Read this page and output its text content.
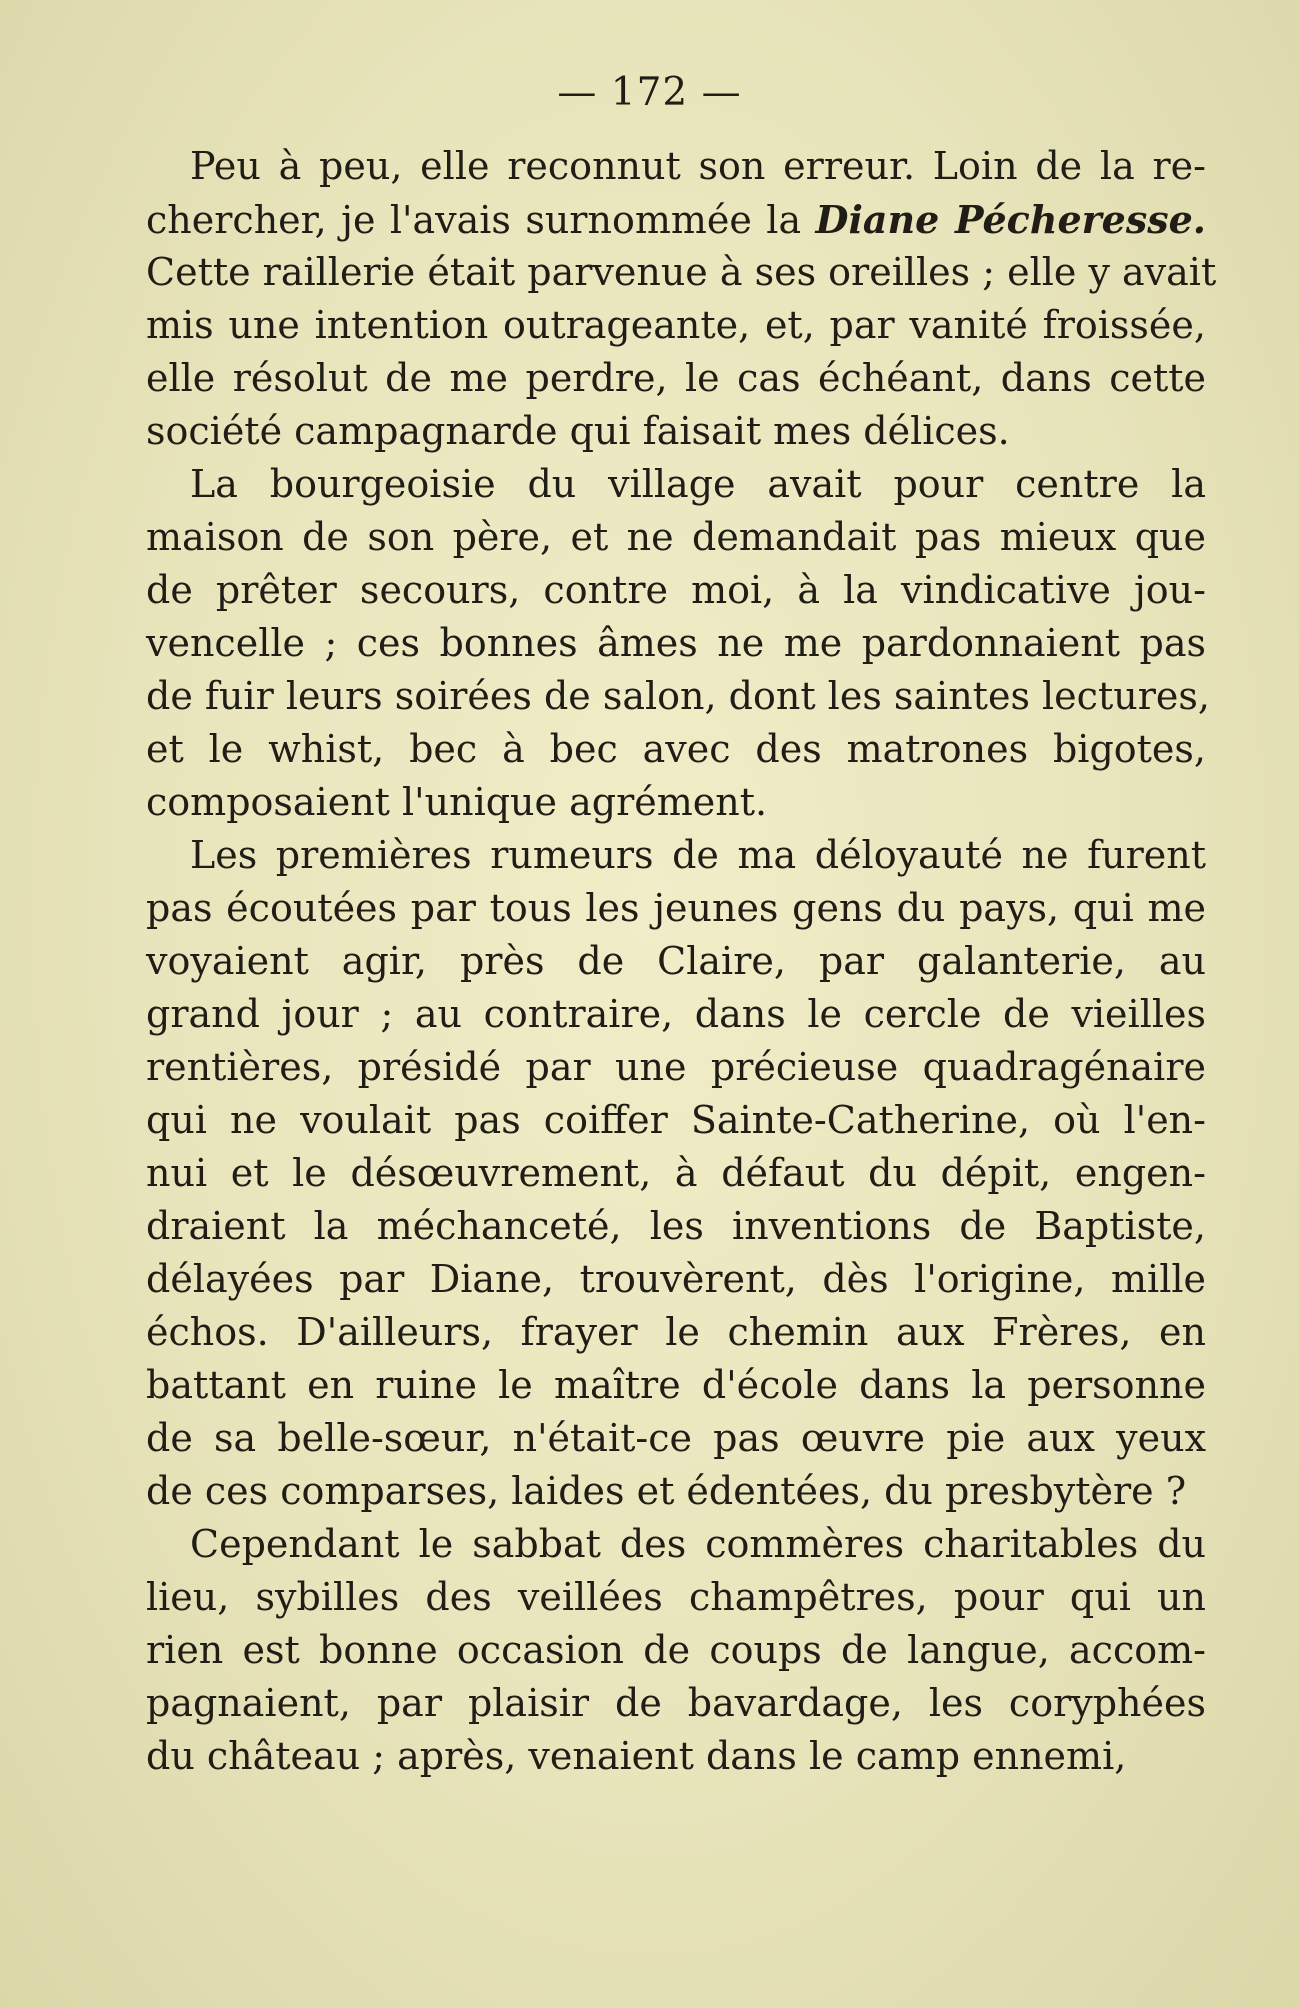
— 172 —
Peu à peu, elle reconnut son erreur. Loin de la re-
chercher, je l'avais surnommée la Diane Pécheresse.
Cette raillerie était parvenue à ses oreilles ; elle y avait
mis une intention outrageante, et, par vanité froissée,
elle résolut de me perdre, le cas échéant, dans cette
société campagnarde qui faisait mes délices.
La bourgeoisie du village avait pour centre la
maison de son père, et ne demandait pas mieux que
de prêter secours, contre moi, à la vindicative jou-
vencelle ; ces bonnes âmes ne me pardonnaient pas
de fuir leurs soirées de salon, dont les saintes lectures,
et le whist, bec à bec avec des matrones bigotes,
composaient l'unique agrément.
Les premières rumeurs de ma déloyauté ne furent
pas écoutées par tous les jeunes gens du pays, qui me
voyaient agir, près de Claire, par galanterie, au
grand jour ; au contraire, dans le cercle de vieilles
rentières, présidé par une précieuse quadragénaire
qui ne voulait pas coiffer Sainte-Catherine, où l'en-
nui et le désœuvrement, à défaut du dépit, engen-
draient la méchanceté, les inventions de Baptiste,
délayées par Diane, trouvèrent, dès l'origine, mille
échos. D'ailleurs, frayer le chemin aux Frères, en
battant en ruine le maître d'école dans la personne
de sa belle-sœur, n'était-ce pas œuvre pie aux yeux
de ces comparses, laides et édentées, du presbytère ?
Cependant le sabbat des commères charitables du
lieu, sybilles des veillées champêtres, pour qui un
rien est bonne occasion de coups de langue, accom-
pagnaient, par plaisir de bavardage, les coryphées
du château ; après, venaient dans le camp ennemi,
